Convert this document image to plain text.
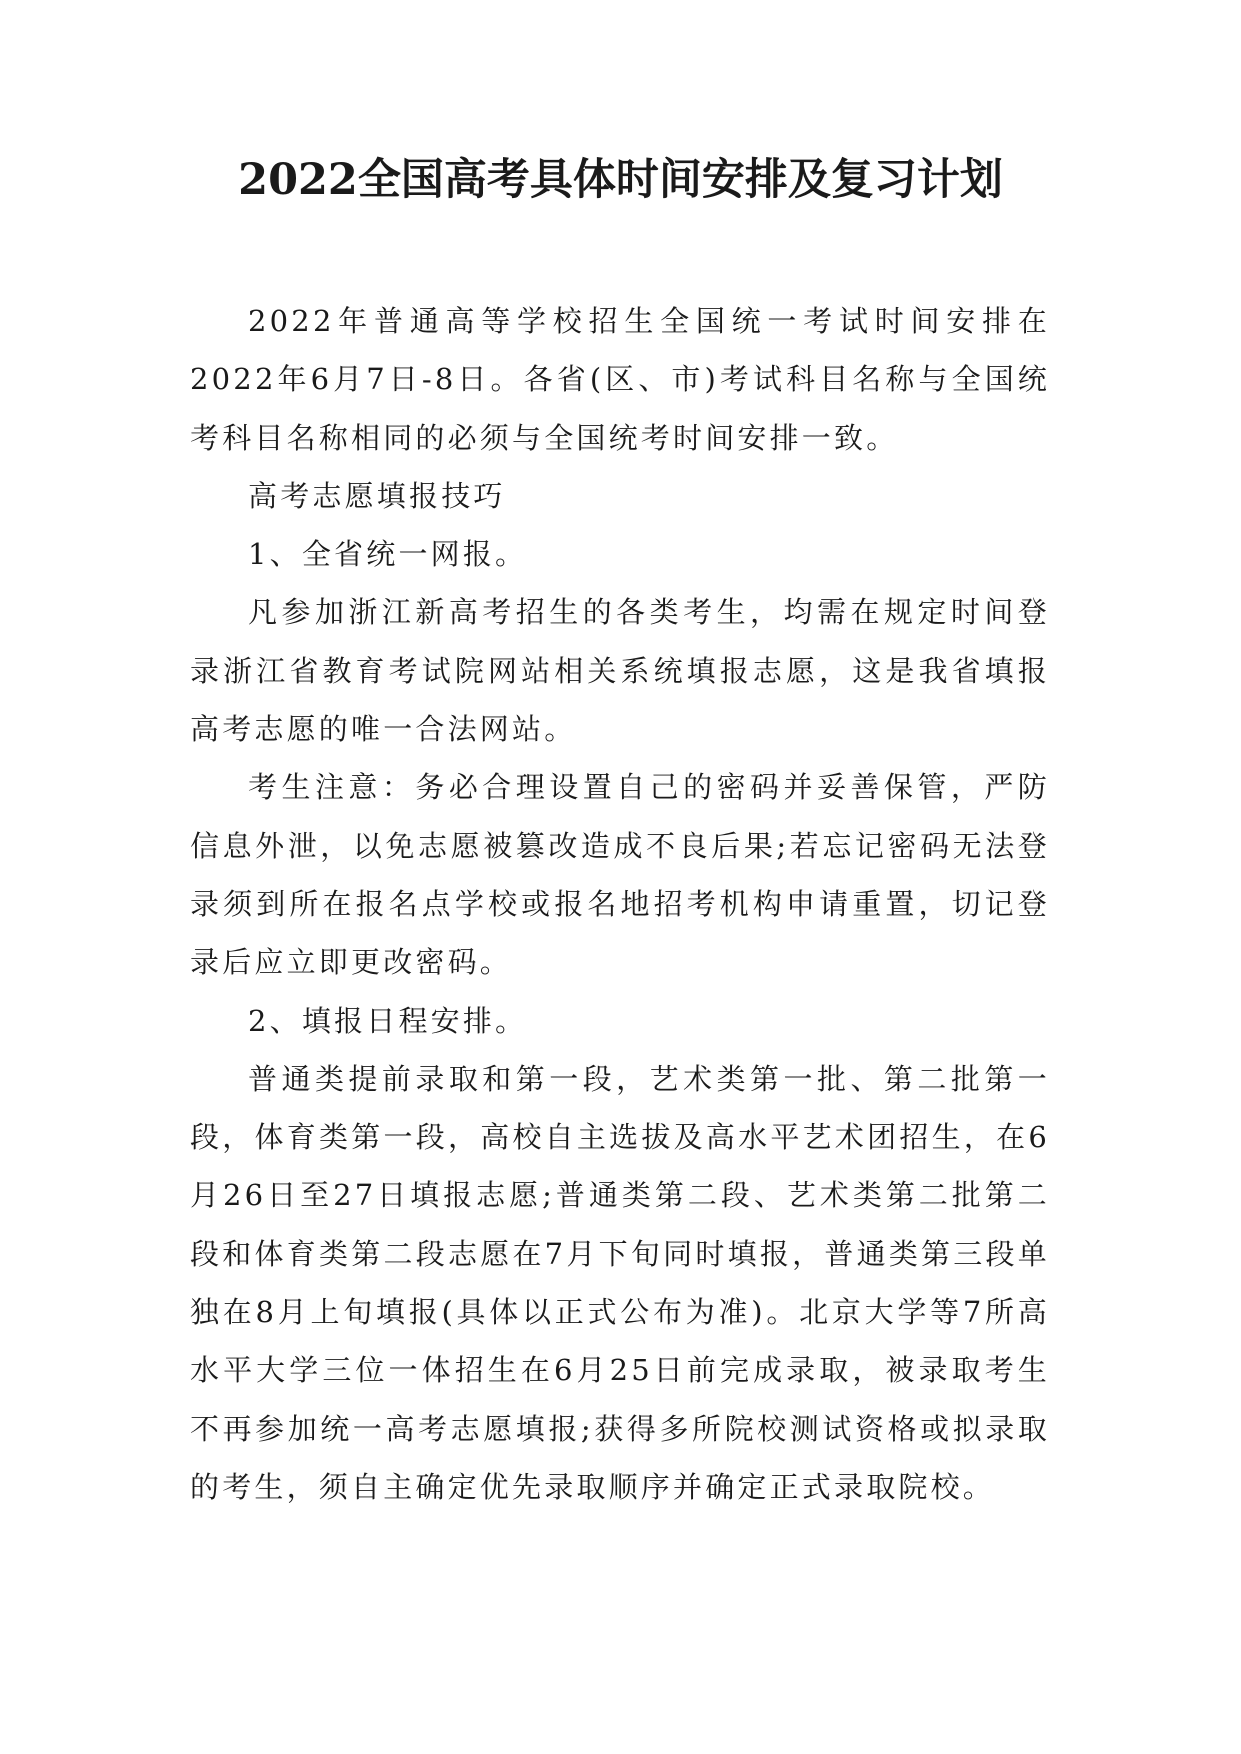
2022全国高考具体时间安排及复习计划

2022年普通高等学校招生全国统一考试时间安排在2022年6月7日-8日。各省(区、市)考试科目名称与全国统考科目名称相同的必须与全国统考时间安排一致。

高考志愿填报技巧

1、全省统一网报。

凡参加浙江新高考招生的各类考生，均需在规定时间登录浙江省教育考试院网站相关系统填报志愿，这是我省填报高考志愿的唯一合法网站。

考生注意：务必合理设置自己的密码并妥善保管，严防信息外泄，以免志愿被篡改造成不良后果;若忘记密码无法登录须到所在报名点学校或报名地招考机构申请重置，切记登录后应立即更改密码。

2、填报日程安排。

普通类提前录取和第一段，艺术类第一批、第二批第一段，体育类第一段，高校自主选拔及高水平艺术团招生，在6月26日至27日填报志愿;普通类第二段、艺术类第二批第二段和体育类第二段志愿在7月下旬同时填报，普通类第三段单独在8月上旬填报(具体以正式公布为准)。北京大学等7所高水平大学三位一体招生在6月25日前完成录取，被录取考生不再参加统一高考志愿填报;获得多所院校测试资格或拟录取的考生，须自主确定优先录取顺序并确定正式录取院校。
